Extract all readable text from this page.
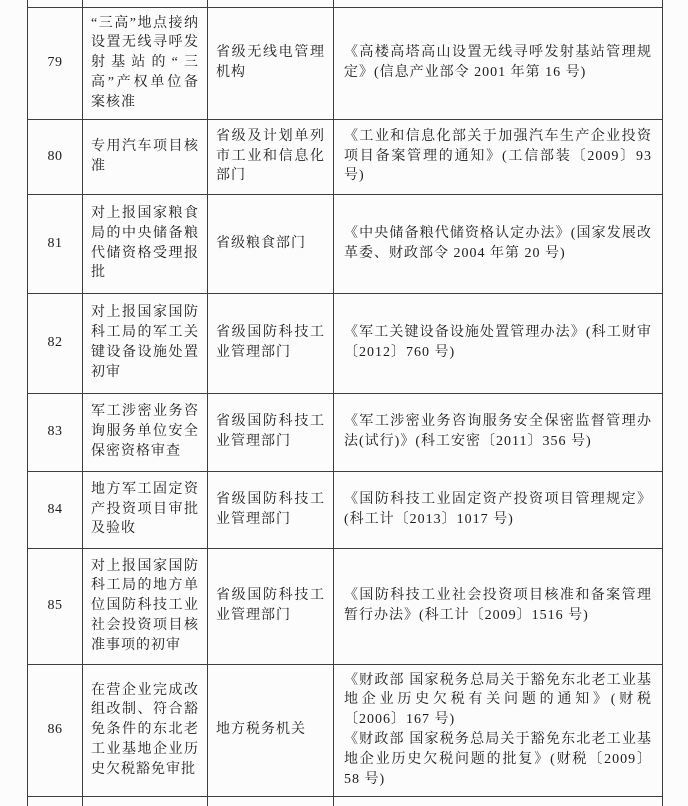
79	“三高”地点接纳设置无线寻呼发射基站的“三高”产权单位备案核准	省级无线电管理机构	《高楼高塔高山设置无线寻呼发射基站管理规定》(信息产业部令 2001 年第 16 号)

80	专用汽车项目核准	省级及计划单列市工业和信息化部门	《工业和信息化部关于加强汽车生产企业投资项目备案管理的通知》(工信部装〔2009〕93 号)

81	对上报国家粮食局的中央储备粮代储资格受理报批	省级粮食部门	《中央储备粮代储资格认定办法》(国家发展改革委、财政部令 2004 年第 20 号)

82	对上报国家国防科工局的军工关键设备设施处置初审	省级国防科技工业管理部门	《军工关键设备设施处置管理办法》(科工财审〔2012〕760 号)

83	军工涉密业务咨询服务单位安全保密资格审查	省级国防科技工业管理部门	《军工涉密业务咨询服务安全保密监督管理办法(试行)》(科工安密〔2011〕356 号)

84	地方军工固定资产投资项目审批及验收	省级国防科技工业管理部门	《国防科技工业固定资产投资项目管理规定》(科工计〔2013〕1017 号)

85	对上报国家国防科工局的地方单位国防科技工业社会投资项目核准事项的初审	省级国防科技工业管理部门	《国防科技工业社会投资项目核准和备案管理暂行办法》(科工计〔2009〕1516 号)

86	在营企业完成改组改制、符合豁免条件的东北老工业基地企业历史欠税豁免审批	地方税务机关	《财政部 国家税务总局关于豁免东北老工业基地企业历史欠税有关问题的通知》(财税〔2006〕167 号)

《财政部 国家税务总局关于豁免东北老工业基地企业历史欠税问题的批复》(财税〔2009〕58 号)
